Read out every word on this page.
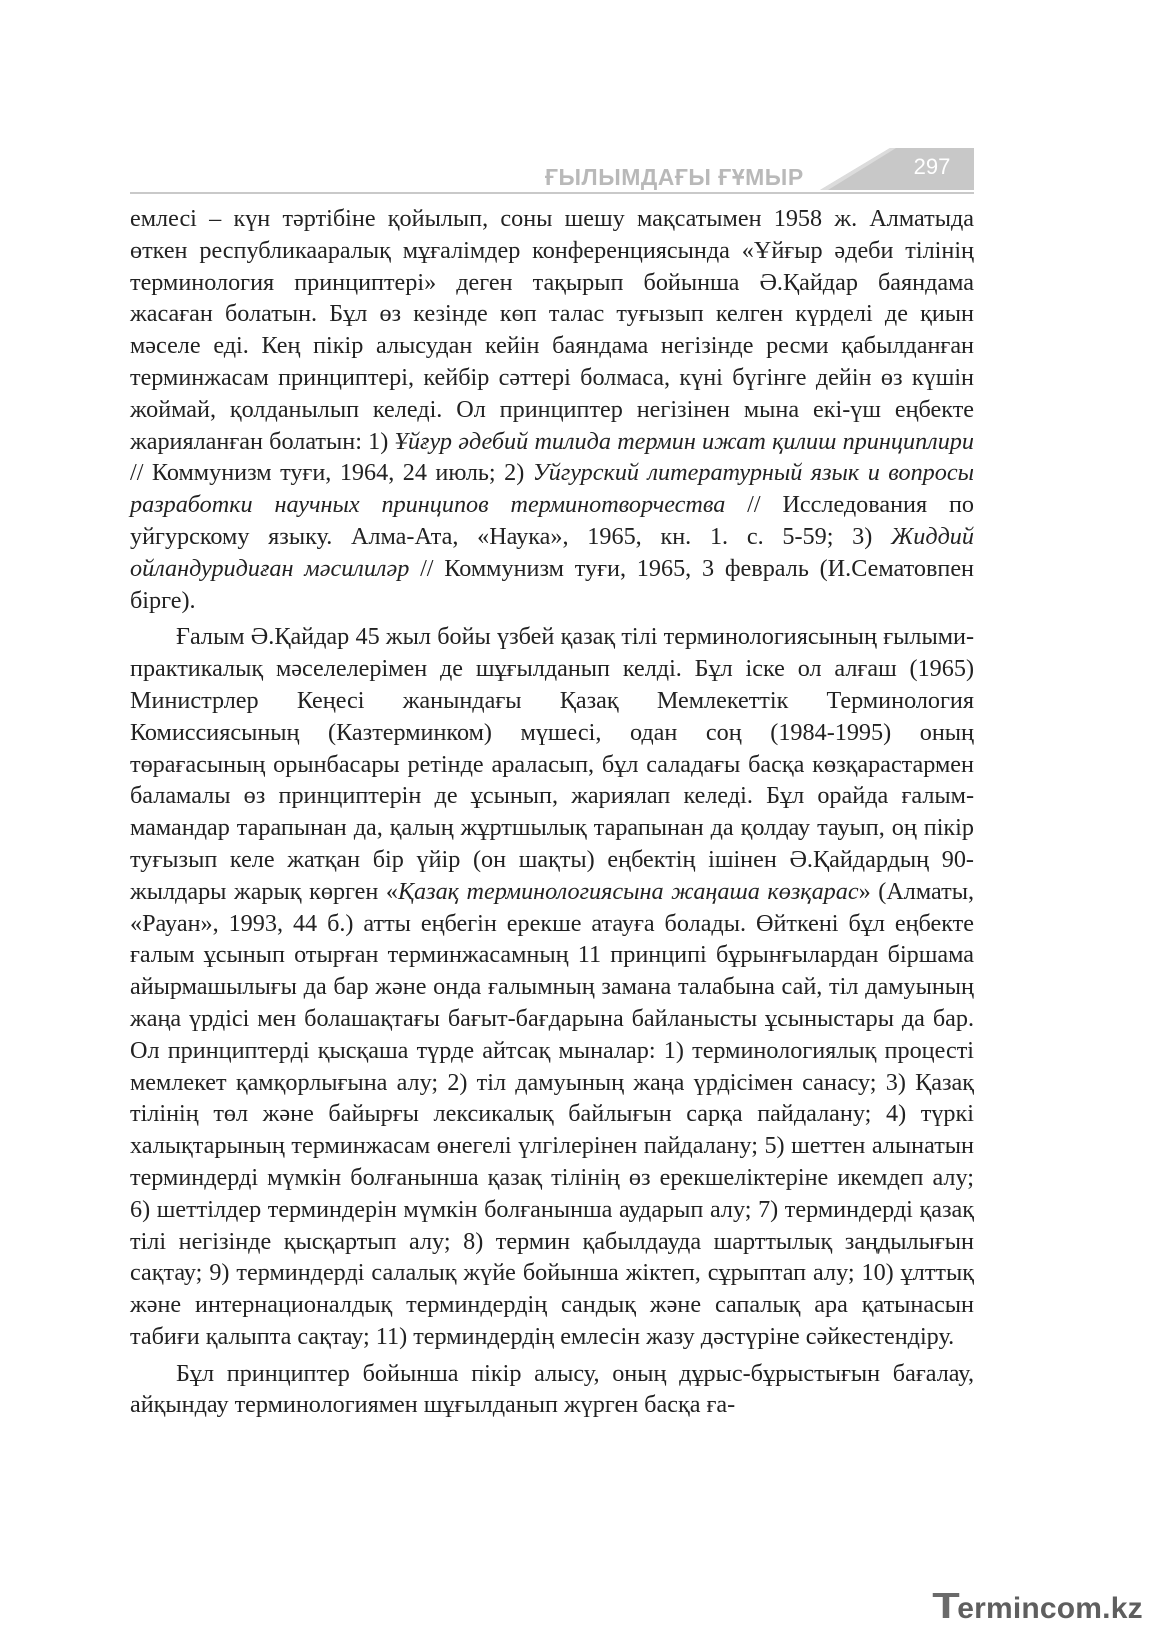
ҒЫЛЫМДАҒЫ ҒҰМЫР	297

емлесі – күн тәртібіне қойылып, соны шешу мақсатымен 1958 ж. Алматыда өткен республикааралық мұғалімдер конференциясында «Ұйғыр әдеби тілінің терминология принциптері» деген тақырып бойынша Ә.Қайдар баяндама жасаған болатын. Бұл өз кезінде көп талас туғызып келген күрделі де қиын мәселе еді. Кең пікір алысудан кейін баяндама негізінде ресми қабылданған терминжасам принциптері, кейбір сәттері болмаса, күні бүгінге дейін өз күшін жоймай, қолданылып келеді. Ол принциптер негізінен мына екі-үш еңбекте жарияланған болатын: 1) Ұйғур әдебий тилида термин ижат қилиш принциплири // Коммунизм туғи, 1964, 24 июль; 2) Уйгурский литературный язык и вопросы разработки научных принципов терминотворчества // Исследования по уйгурскому языку. Алма-Ата, «Наука», 1965, кн. 1. с. 5-59; 3) Жиддий ойландуридиған мәсилиләр // Коммунизм туғи, 1965, 3 февраль (И.Сематовпен бірге).

Ғалым Ә.Қайдар 45 жыл бойы үзбей қазақ тілі терминологиясының ғылыми-практикалық мәселелерімен де шұғылданып келді. Бұл іске ол алғаш (1965) Министрлер Кеңесі жанындағы Қазақ Мемлекеттік Терминология Комиссиясының (Казтерминком) мүшесі, одан соң (1984-1995) оның төрағасының орынбасары ретінде араласып, бұл саладағы басқа көзқарастармен баламалы өз принциптерін де ұсынып, жариялап келеді. Бұл орайда ғалым-мамандар тарапынан да, қалың жұртшылық тарапынан да қолдау тауып, оң пікір туғызып келе жатқан бір үйір (он шақты) еңбектің ішінен Ә.Қайдардың 90-жылдары жарық көрген «Қазақ терминологиясына жаңаша көзқарас» (Алматы, «Рауан», 1993, 44 б.) атты еңбегін ерекше атауға болады. Өйткені бұл еңбекте ғалым ұсынып отырған терминжасамның 11 принципі бұрынғылардан біршама айырмашылығы да бар және онда ғалымның замана талабына сай, тіл дамуының жаңа үрдісі мен болашақтағы бағыт-бағдарына байланысты ұсыныстары да бар. Ол принциптерді қысқаша түрде айтсақ мыналар: 1) терминологиялық процесті мемлекет қамқорлығына алу; 2) тіл дамуының жаңа үрдісімен санасу; 3) Қазақ тілінің төл және байырғы лексикалық байлығын сарқа пайдалану; 4) түркі халықтарының терминжасам өнегелі үлгілерінен пайдалану; 5) шеттен алынатын терминдерді мүмкін болғанынша қазақ тілінің өз ерекшеліктеріне икемдеп алу; 6) шеттілдер терминдерін мүмкін болғанынша аударып алу; 7) терминдерді қазақ тілі негізінде қысқартып алу; 8) термин қабылдауда шарттылық заңдылығын сақтау; 9) терминдерді салалық жүйе бойынша жіктеп, сұрыптап алу; 10) ұлттық және интернационалдық терминдердің сандық және сапалық ара қатынасын табиғи қалыпта сақтау; 11) терминдердің емлесін жазу дәстүріне сәйкестендіру.

Бұл принциптер бойынша пікір алысу, оның дұрыс-бұрыстығын бағалау, айқындау терминологиямен шұғылданып жүрген басқа ға-

Termincom.kz
